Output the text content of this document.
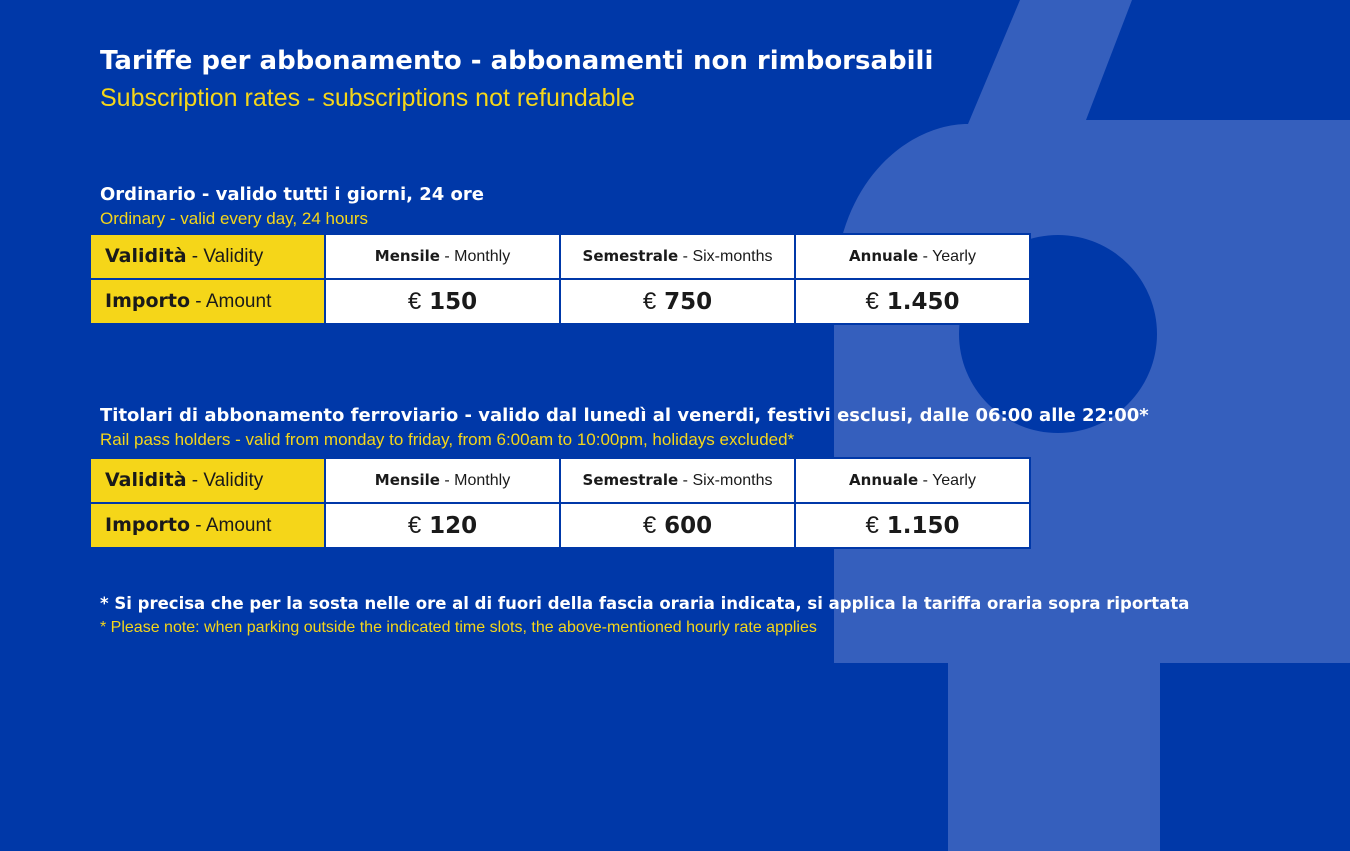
Tariffe per abbonamento - abbonamenti non rimborsabili
Subscription rates - subscriptions not refundable
Ordinario - valido tutti i giorni, 24 ore
Ordinary - valid every day, 24 hours
Validità - Validity	Mensile - Monthly	Semestrale - Six-months	Annuale - Yearly
Importo - Amount	€ 150	€ 750	€ 1.450
Titolari di abbonamento ferroviario - valido dal lunedì al venerdi, festivi esclusi, dalle 06:00 alle 22:00*
Rail pass holders - valid from monday to friday, from 6:00am to 10:00pm, holidays excluded*
Validità - Validity	Mensile - Monthly	Semestrale - Six-months	Annuale - Yearly
Importo - Amount	€ 120	€ 600	€ 1.150
* Si precisa che per la sosta nelle ore al di fuori della fascia oraria indicata, si applica la tariffa oraria sopra riportata
* Please note: when parking outside the indicated time slots, the above-mentioned hourly rate applies
